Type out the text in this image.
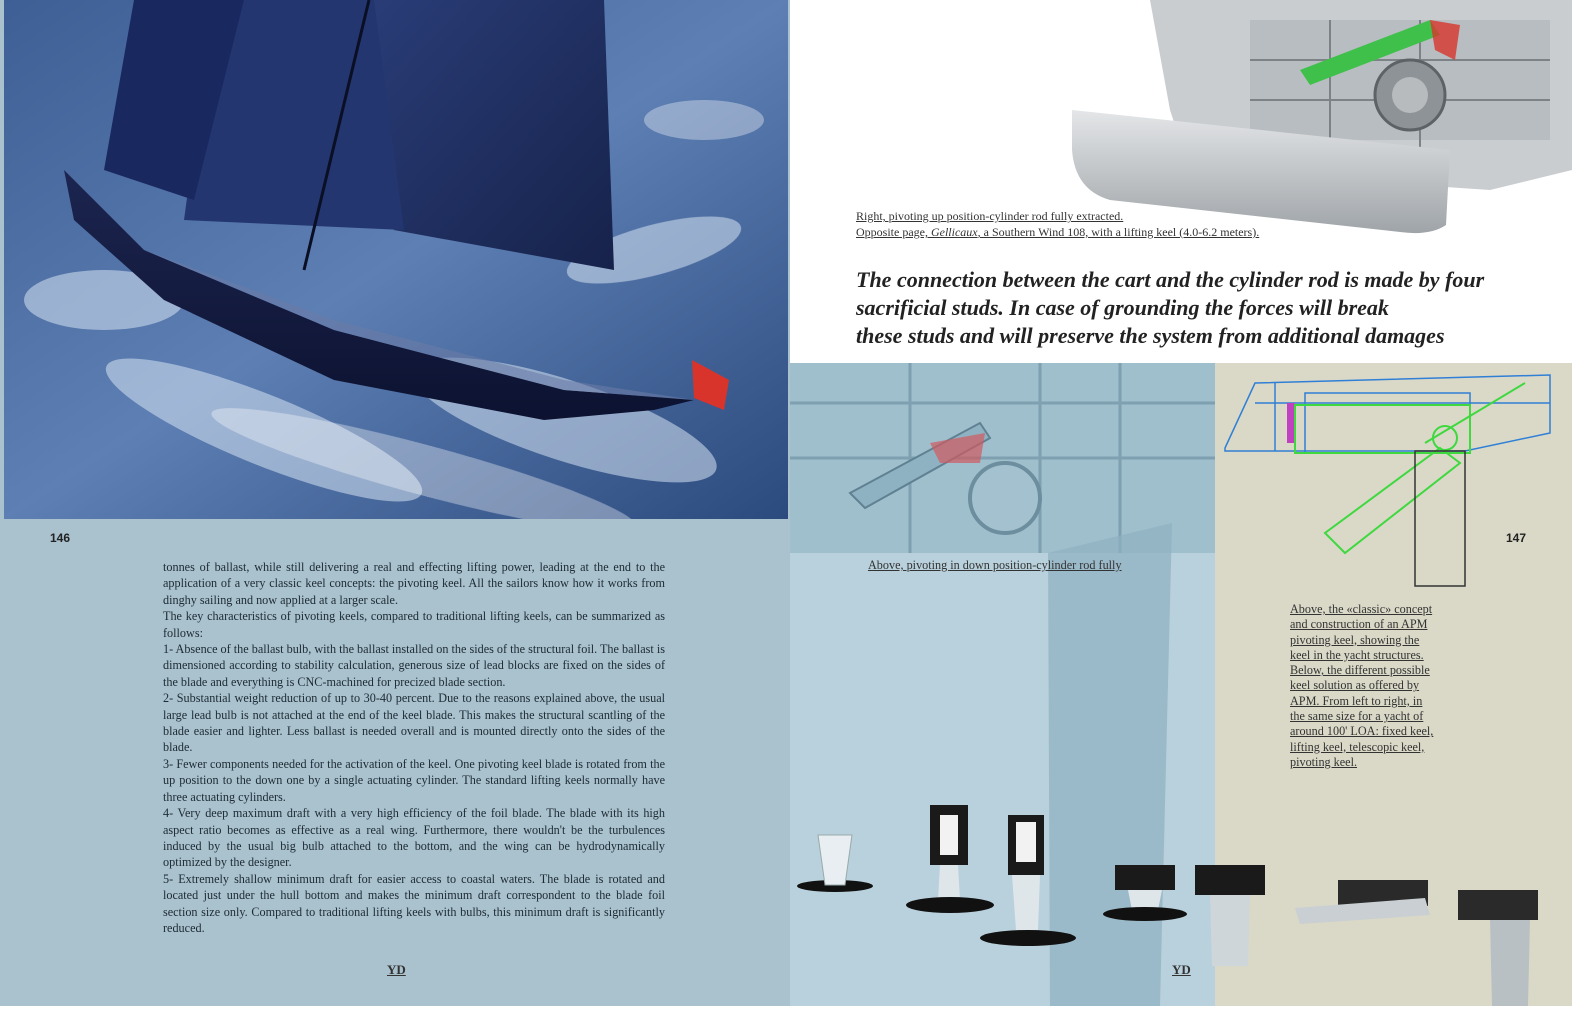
146

tonnes of ballast, while still delivering a real and effecting lifting power, leading at the end to the application of a very classic keel concepts: the pivoting keel. All the sailors know how it works from dinghy sailing and now applied at a larger scale.

The key characteristics of pivoting keels, compared to traditional lifting keels, can be summarized as follows:

1- Absence of the ballast bulb, with the ballast installed on the sides of the structural foil. The ballast is dimensioned according to stability calculation, generous size of lead blocks are fixed on the sides of the blade and everything is CNC-machined for precized blade section.

2- Substantial weight reduction of up to 30-40 percent. Due to the reasons explained above, the usual large lead bulb is not attached at the end of the keel blade. This makes the structural scantling of the blade easier and lighter. Less ballast is needed overall and is mounted directly onto the sides of the blade.

3- Fewer components needed for the activation of the keel. One pivoting keel blade is rotated from the up position to the down one by a single actuating cylinder. The standard lifting keels normally have three actuating cylinders.

4- Very deep maximum draft with a very high efficiency of the foil blade. The blade with its high aspect ratio becomes as effective as a real wing. Furthermore, there wouldn't be the turbulences induced by the usual big bulb attached to the bottom, and the wing can be hydrodynamically optimized by the designer.

5- Extremely shallow minimum draft for easier access to coastal waters. The blade is rotated and located just under the hull bottom and makes the minimum draft correspondent to the blade foil section size only. Compared to traditional lifting keels with bulbs, this minimum draft is significantly reduced.

YD
Right, pivoting up position-cylinder rod fully extracted.
Opposite page, Gellicaux, a Southern Wind 108, with a lifting keel (4.0-6.2 meters).
The connection between the cart and the cylinder rod is made by four
sacrificial studs. In case of grounding the forces will break
these studs and will preserve the system from additional damages
Above, pivoting in down position-cylinder rod fully
147
Above, the «classic» concept
and construction of an APM
pivoting keel, showing the
keel in the yacht structures.
Below, the different possible
keel solution as offered by
APM. From left to right, in
the same size for a yacht of
around 100' LOA: fixed keel,
lifting keel, telescopic keel,
pivoting keel.
YD
